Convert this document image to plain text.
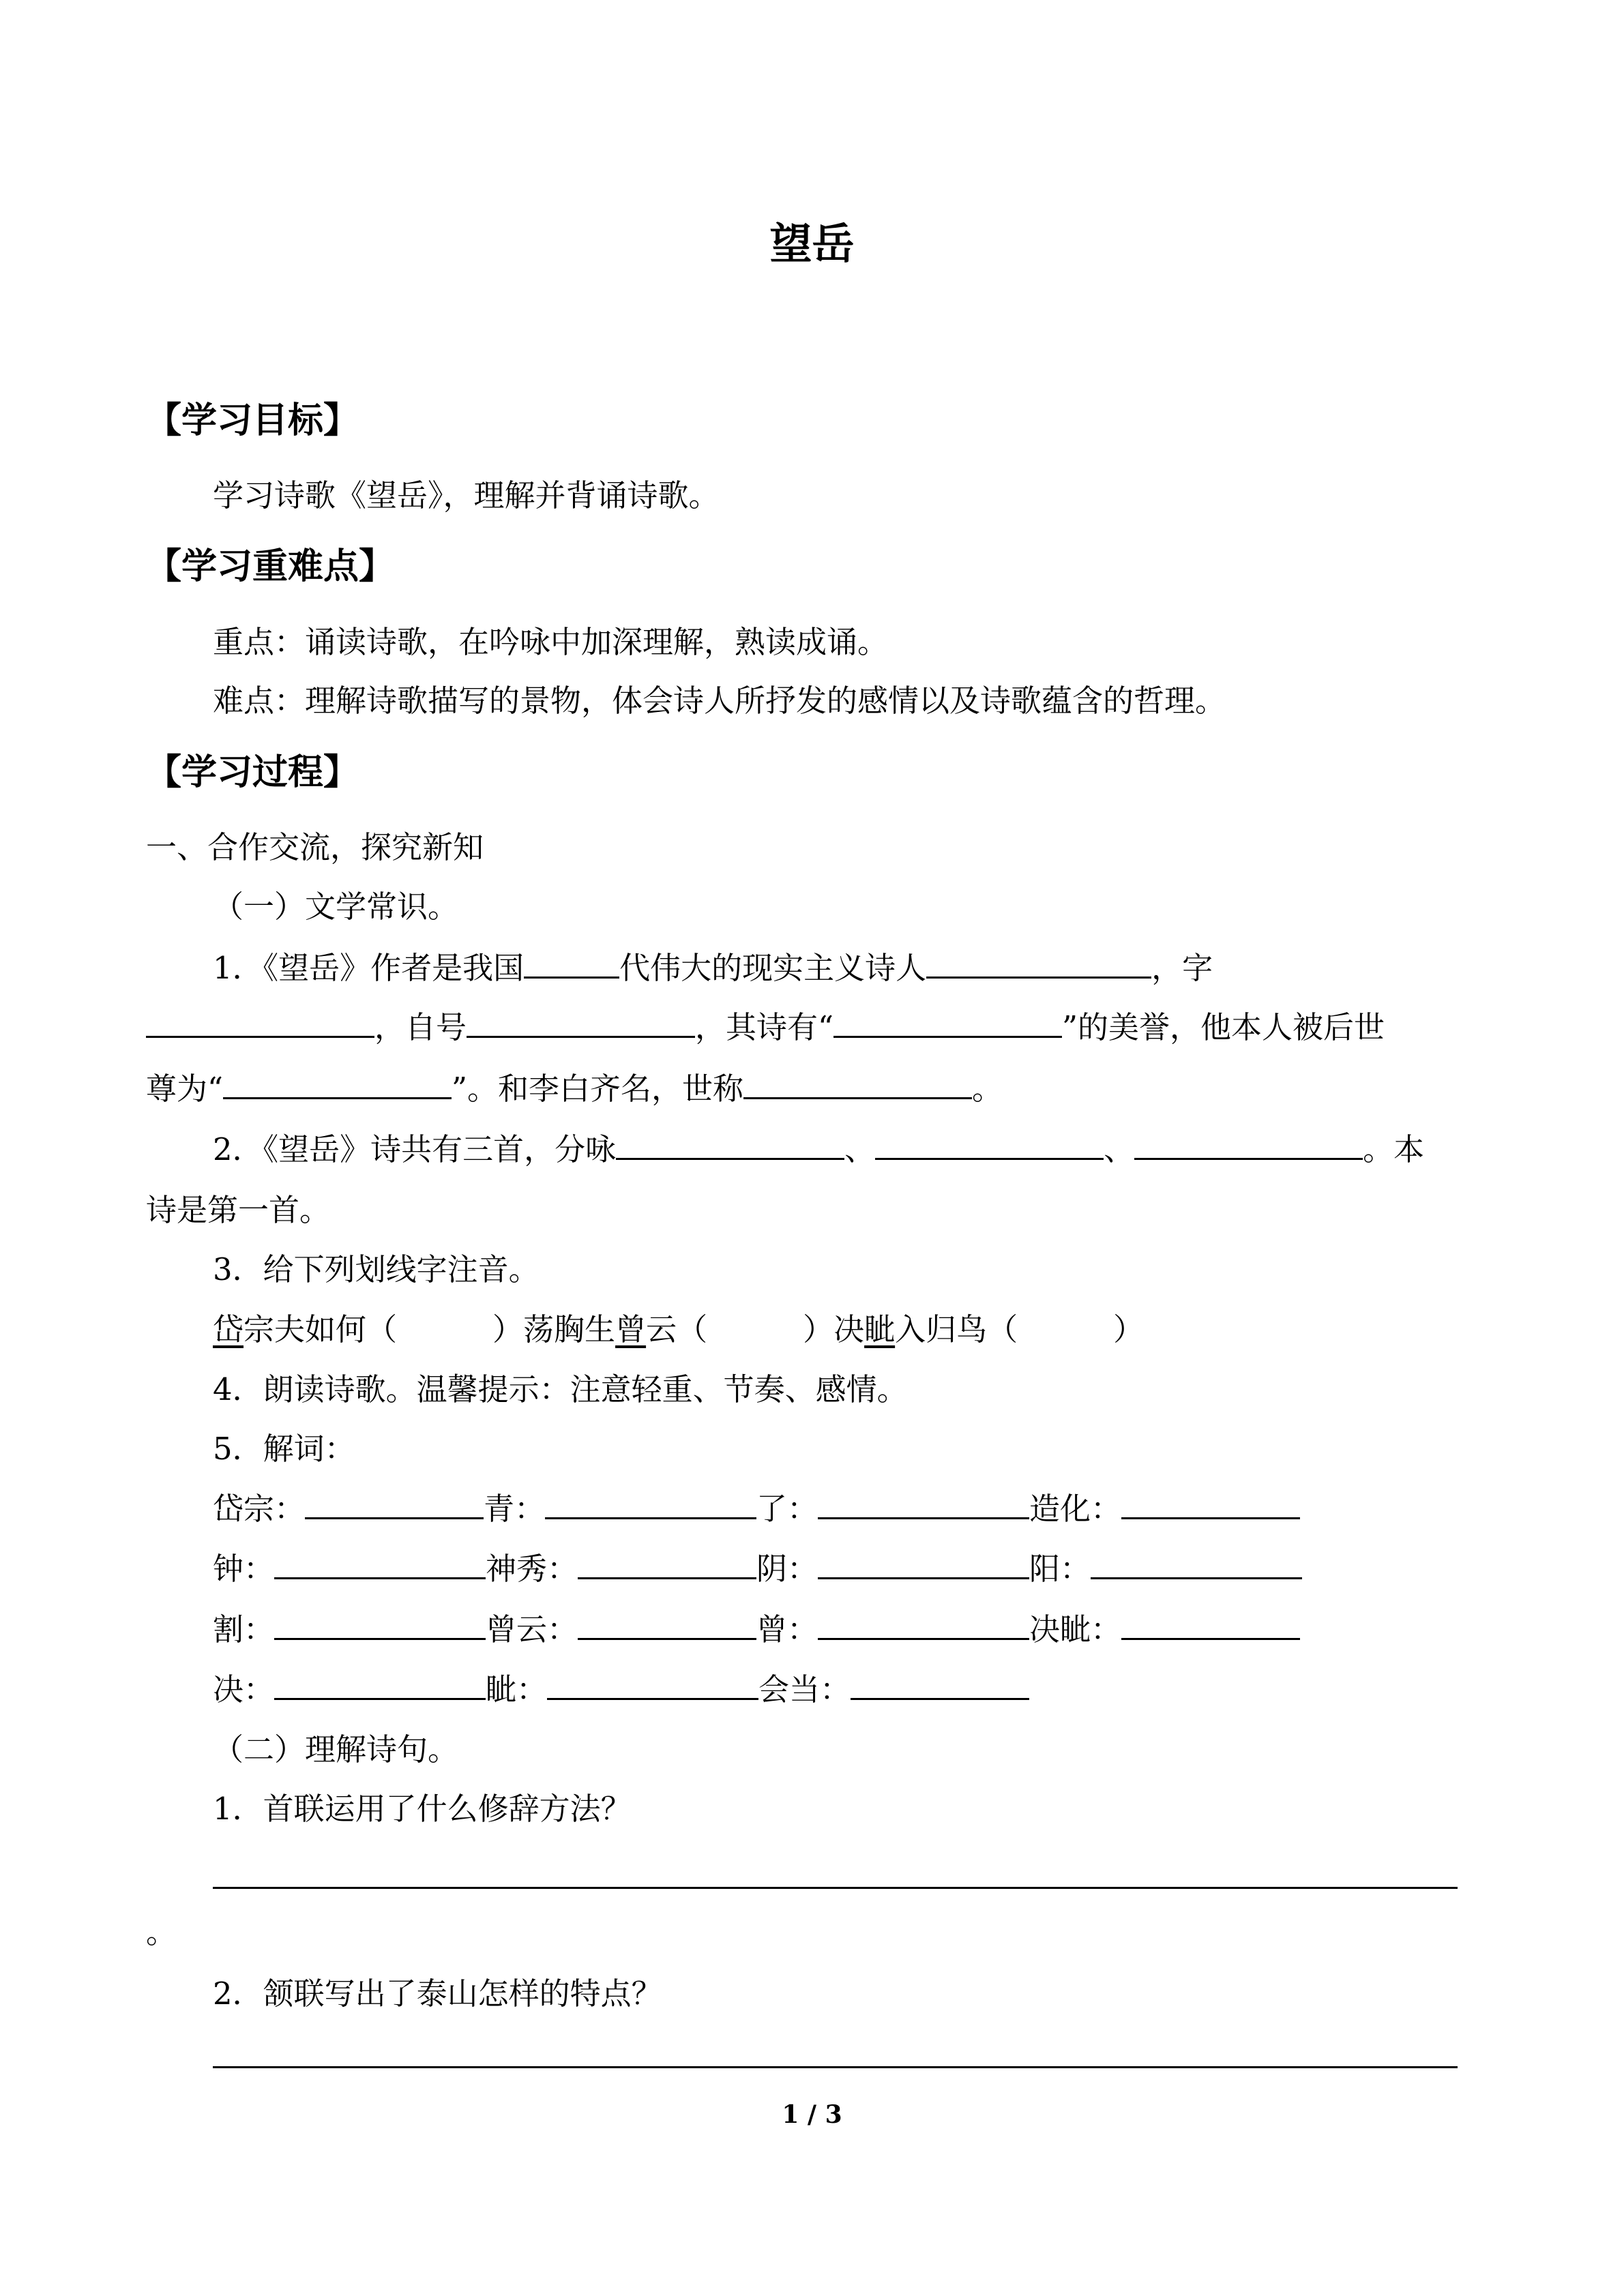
望岳
【学习目标】
学习诗歌《望岳》，理解并背诵诗歌。
【学习重难点】
重点：诵读诗歌，在吟咏中加深理解，熟读成诵。
难点：理解诗歌描写的景物，体会诗人所抒发的感情以及诗歌蕴含的哲理。
【学习过程】
一、合作交流，探究新知
（一）文学常识。
1．《望岳》作者是我国	代伟大的现实主义诗人	，字
，自号	，其诗有“	”的美誉，他本人被后世
尊为“	”。和李白齐名，世称	。
2．《望岳》诗共有三首，分咏	、	、	。本
诗是第一首。
3．给下列划线字注音。
岱宗夫如何（	）荡胸生曾云（	）决眦入归鸟（	）
4．朗读诗歌。温馨提示：注意轻重、节奏、感情。
5．解词：
岱宗：	青：	了：	造化：
钟：	神秀：	阴：	阳：
割：	曾云：	曾：	决眦：
决：	眦：	会当：
（二）理解诗句。
1．首联运用了什么修辞方法？
。
2．颔联写出了泰山怎样的特点？
1 / 3
